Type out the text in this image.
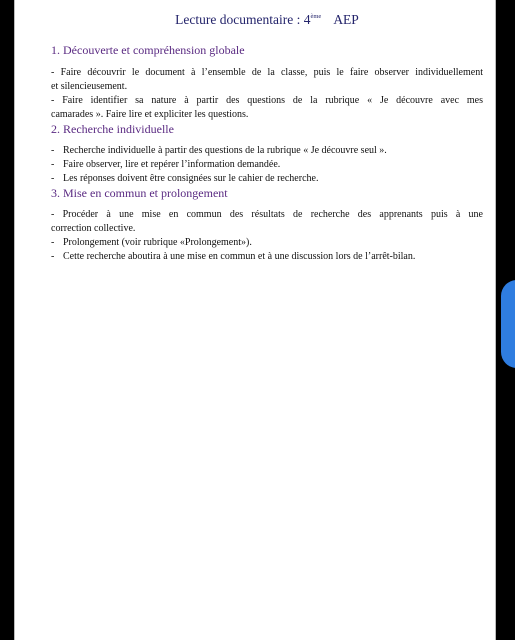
Lecture documentaire : 4ème AEP
1. Découverte et compréhension globale
- Faire découvrir le document à l’ensemble de la classe, puis le faire observer individuellement
et silencieusement.
- Faire identifier sa nature à partir des questions de la rubrique « Je découvre avec mes
camarades ». Faire lire et expliciter les questions.
2. Recherche individuelle
- Recherche individuelle à partir des questions de la rubrique « Je découvre seul ».
- Faire observer, lire et repérer l’information demandée.
- Les réponses doivent être consignées sur le cahier de recherche.
3. Mise en commun et prolongement
- Procéder à une mise en commun des résultats de recherche des apprenants puis à une
correction collective.
- Prolongement (voir rubrique «Prolongement»).
- Cette recherche aboutira à une mise en commun et à une discussion lors de l’arrêt-bilan.
